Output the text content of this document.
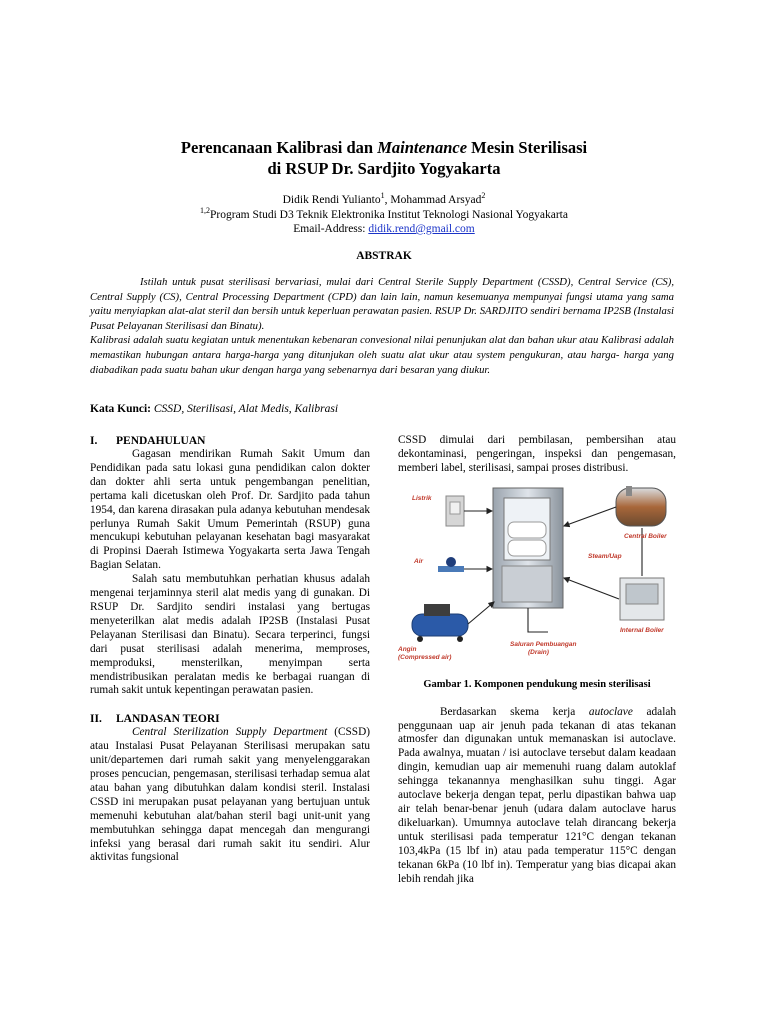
Perencanaan Kalibrasi dan Maintenance Mesin Sterilisasi
di RSUP Dr. Sardjito Yogyakarta
Didik Rendi Yulianto$^1$, Mohammad Arsyad$^2$
$^{1,2}$Program Studi D3 Teknik Elektronika Institut Teknologi Nasional Yogyakarta
Email-Address: didik.rend@gmail.com
ABSTRAK

Istilah untuk pusat sterilisasi bervariasi, mulai dari Central Sterile Supply Department (CSSD), Central Service (CS), Central Supply (CS), Central Processing Department (CPD) dan lain lain, namun kesemuanya mempunyai fungsi utama yang sama yaitu menyiapkan alat-alat steril dan bersih untuk keperluan perawatan pasien. RSUP Dr. SARDJITO sendiri bernama IP2SB (Instalasi Pusat Pelayanan Sterilisasi dan Binatu).

Kalibrasi adalah suatu kegiatan untuk menentukan kebenaran convesional nilai penunjukan alat dan bahan ukur atau Kalibrasi adalah memastikan hubungan antara harga-harga yang ditunjukan oleh suatu alat ukur atau system pengukuran, atau harga- harga yang diabadikan pada suatu bahan ukur dengan harga yang sebenarnya dari besaran yang diukur.

Kata Kunci: CSSD, Sterilisasi, Alat Medis, Kalibrasi
I. PENDAHULUAN

Gagasan mendirikan Rumah Sakit Umum dan Pendidikan pada satu lokasi guna pendidikan calon dokter dan dokter ahli serta untuk pengembangan penelitian, pertama kali dicetuskan oleh Prof. Dr. Sardjito pada tahun 1954, dan karena dirasakan pula adanya kebutuhan mendesak perlunya Rumah Sakit Umum Pemerintah (RSUP) guna mencukupi kebutuhan pelayanan kesehatan bagi masyarakat di Propinsi Daerah Istimewa Yogyakarta serta Jawa Tengah Bagian Selatan.

Salah satu membutuhkan perhatian khusus adalah mengenai terjaminnya steril alat medis yang di gunakan. Di RSUP Dr. Sardjito sendiri instalasi yang bertugas menyeterilkan alat medis adalah IP2SB (Instalasi Pusat Pelayanan Sterilisasi dan Binatu). Secara terperinci, fungsi dari pusat sterilisasi adalah menerima, memproses, memproduksi, mensterilkan, menyimpan serta mendistribusikan peralatan medis ke berbagai ruangan di rumah sakit untuk kepentingan perawatan pasien.

II. LANDASAN TEORI

Central Sterilization Supply Department (CSSD) atau Instalasi Pusat Pelayanan Sterilisasi merupakan satu unit/departemen dari rumah sakit yang menyelenggarakan proses pencucian, pengemasan, sterilisasi terhadap semua alat atau bahan yang dibutuhkan dalam kondisi steril. Instalasi CSSD ini merupakan pusat pelayanan yang bertujuan untuk memenuhi kebutuhan alat/bahan steril bagi unit-unit yang membutuhkan sehingga dapat mencegah dan mengurangi infeksi yang berasal dari rumah sakit itu sendiri. Alur aktivitas fungsional

CSSD dimulai dari pembilasan, pembersihan atau dekontaminasi, pengeringan, inspeksi dan pengemasan, memberi label, sterilisasi, sampai proses distribusi.

Listrik
Air
Angin
(Compressed air)
Central Boiler
Steam/Uap
Internal Boiler
Saluran Pembuangan
(Drain)
Gambar 1. Komponen pendukung mesin sterilisasi

Berdasarkan skema kerja autoclave adalah penggunaan uap air jenuh pada tekanan di atas tekanan atmosfer dan digunakan untuk memanaskan isi autoclave. Pada awalnya, muatan / isi autoclave tersebut dalam keadaan dingin, kemudian uap air memenuhi ruang dalam autoklaf sehingga tekanannya menghasilkan suhu tinggi. Agar autoclave bekerja dengan tepat, perlu dipastikan bahwa uap air telah benar-benar jenuh (udara dalam autoclave harus dikeluarkan). Umumnya autoclave telah dirancang bekerja untuk sterilisasi pada temperatur 121°C dengan tekanan 103,4kPa (15 lbf in) atau pada temperatur 115°C dengan tekanan 6kPa (10 lbf in). Temperatur yang bias dicapai akan lebih rendah jika
